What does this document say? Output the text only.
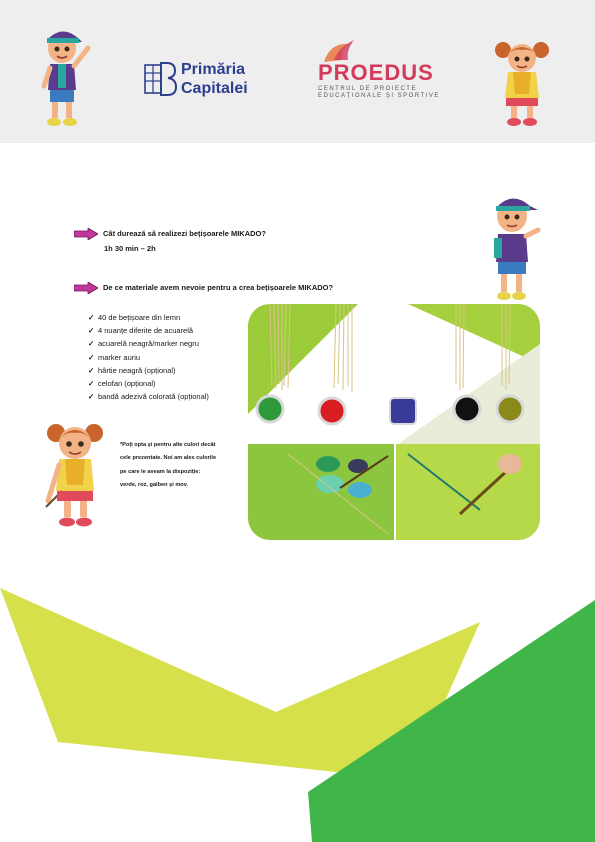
Primăria
Capitalei
PROEDUS
CENTRUL DE PROIECTE EDUCAȚIONALE ȘI SPORTIVE
Cât durează să realizezi bețișoarele MIKADO?
1h 30 min – 2h
De ce materiale avem nevoie pentru a crea bețișoarele MIKADO?
✓ 40 de bețișoare din lemn
✓ 4 nuanțe diferite de acuarelă
✓ acuarelă neagră/marker negru
✓ marker auriu
✓ hârtie neagră (opțional)
✓ celofan (opțional)
✓ bandă adezivă colorată (opțional)
*Poți opta și pentru alte culori decât
cele prezentate. Noi am ales culorile
pe care le aveam la dispoziție:
verde, roz, galben și mov.
